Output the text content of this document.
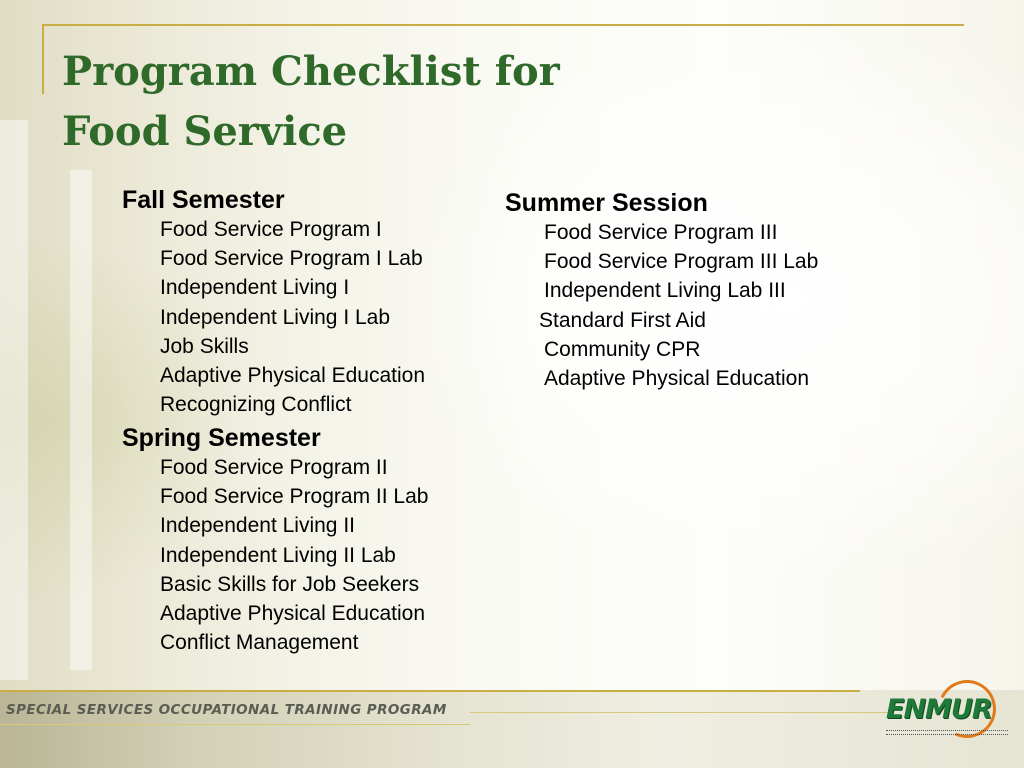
Program Checklist for
Food Service
Fall Semester
Food Service Program I
Food Service Program I Lab
Independent Living I
Independent Living I Lab
Job Skills
Adaptive Physical Education
Recognizing Conflict
Spring Semester
Food Service Program II
Food Service Program II Lab
Independent Living II
Independent Living II Lab
Basic Skills for Job Seekers
Adaptive Physical Education
Conflict Management
Summer Session
Food Service Program III
Food Service Program III Lab
Independent Living Lab III
Standard First Aid
Community CPR
Adaptive Physical Education
SPECIAL SERVICES OCCUPATIONAL TRAINING PROGRAM	ENMUR
